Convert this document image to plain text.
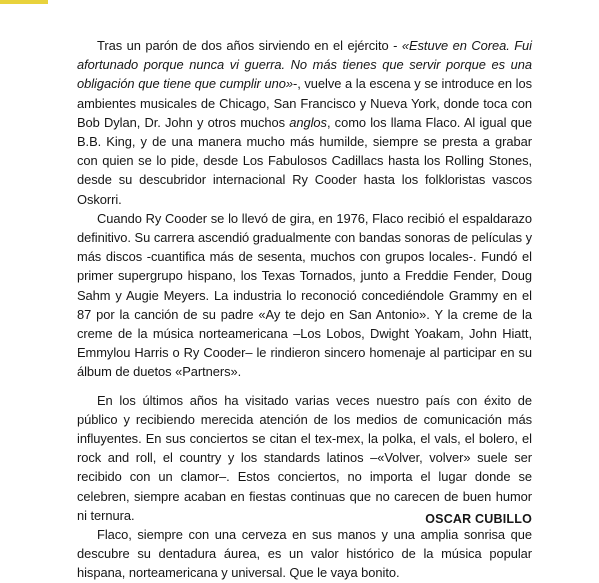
Tras un parón de dos años sirviendo en el ejército - «Estuve en Corea. Fui afortunado porque nunca vi guerra. No más tienes que servir porque es una obligación que tiene que cumplir uno»-, vuelve a la escena y se introduce en los ambientes musicales de Chicago, San Francisco y Nueva York, donde toca con Bob Dylan, Dr. John y otros muchos anglos, como los llama Flaco. Al igual que B.B. King, y de una manera mucho más humilde, siempre se presta a grabar con quien se lo pide, desde Los Fabulosos Cadillacs hasta los Rolling Stones, desde su descubridor internacional Ry Cooder hasta los folkloristas vascos Oskorri.

Cuando Ry Cooder se lo llevó de gira, en 1976, Flaco recibió el espaldarazo definitivo. Su carrera ascendió gradualmente con bandas sonoras de películas y más discos -cuantifica más de sesenta, muchos con grupos locales-. Fundó el primer supergrupo hispano, los Texas Tornados, junto a Freddie Fender, Doug Sahm y Augie Meyers. La industria lo reconoció concediéndole Grammy en el 87 por la canción de su padre «Ay te dejo en San Antonio». Y la creme de la creme de la música norteamericana –Los Lobos, Dwight Yoakam, John Hiatt, Emmylou Harris o Ry Cooder– le rindieron sincero homenaje al participar en su álbum de duetos «Partners».

En los últimos años ha visitado varias veces nuestro país con éxito de público y recibiendo merecida atención de los medios de comunicación más influyentes. En sus conciertos se citan el tex-mex, la polka, el vals, el bolero, el rock and roll, el country y los standards latinos –«Volver, volver» suele ser recibido con un clamor–. Estos conciertos, no importa el lugar donde se celebren, siempre acaban en fiestas continuas que no carecen de buen humor ni ternura.

Flaco, siempre con una cerveza en sus manos y una amplia sonrisa que descubre su dentadura áurea, es un valor histórico de la música popular hispana, norteamericana y universal. Que le vaya bonito.

OSCAR CUBILLO
